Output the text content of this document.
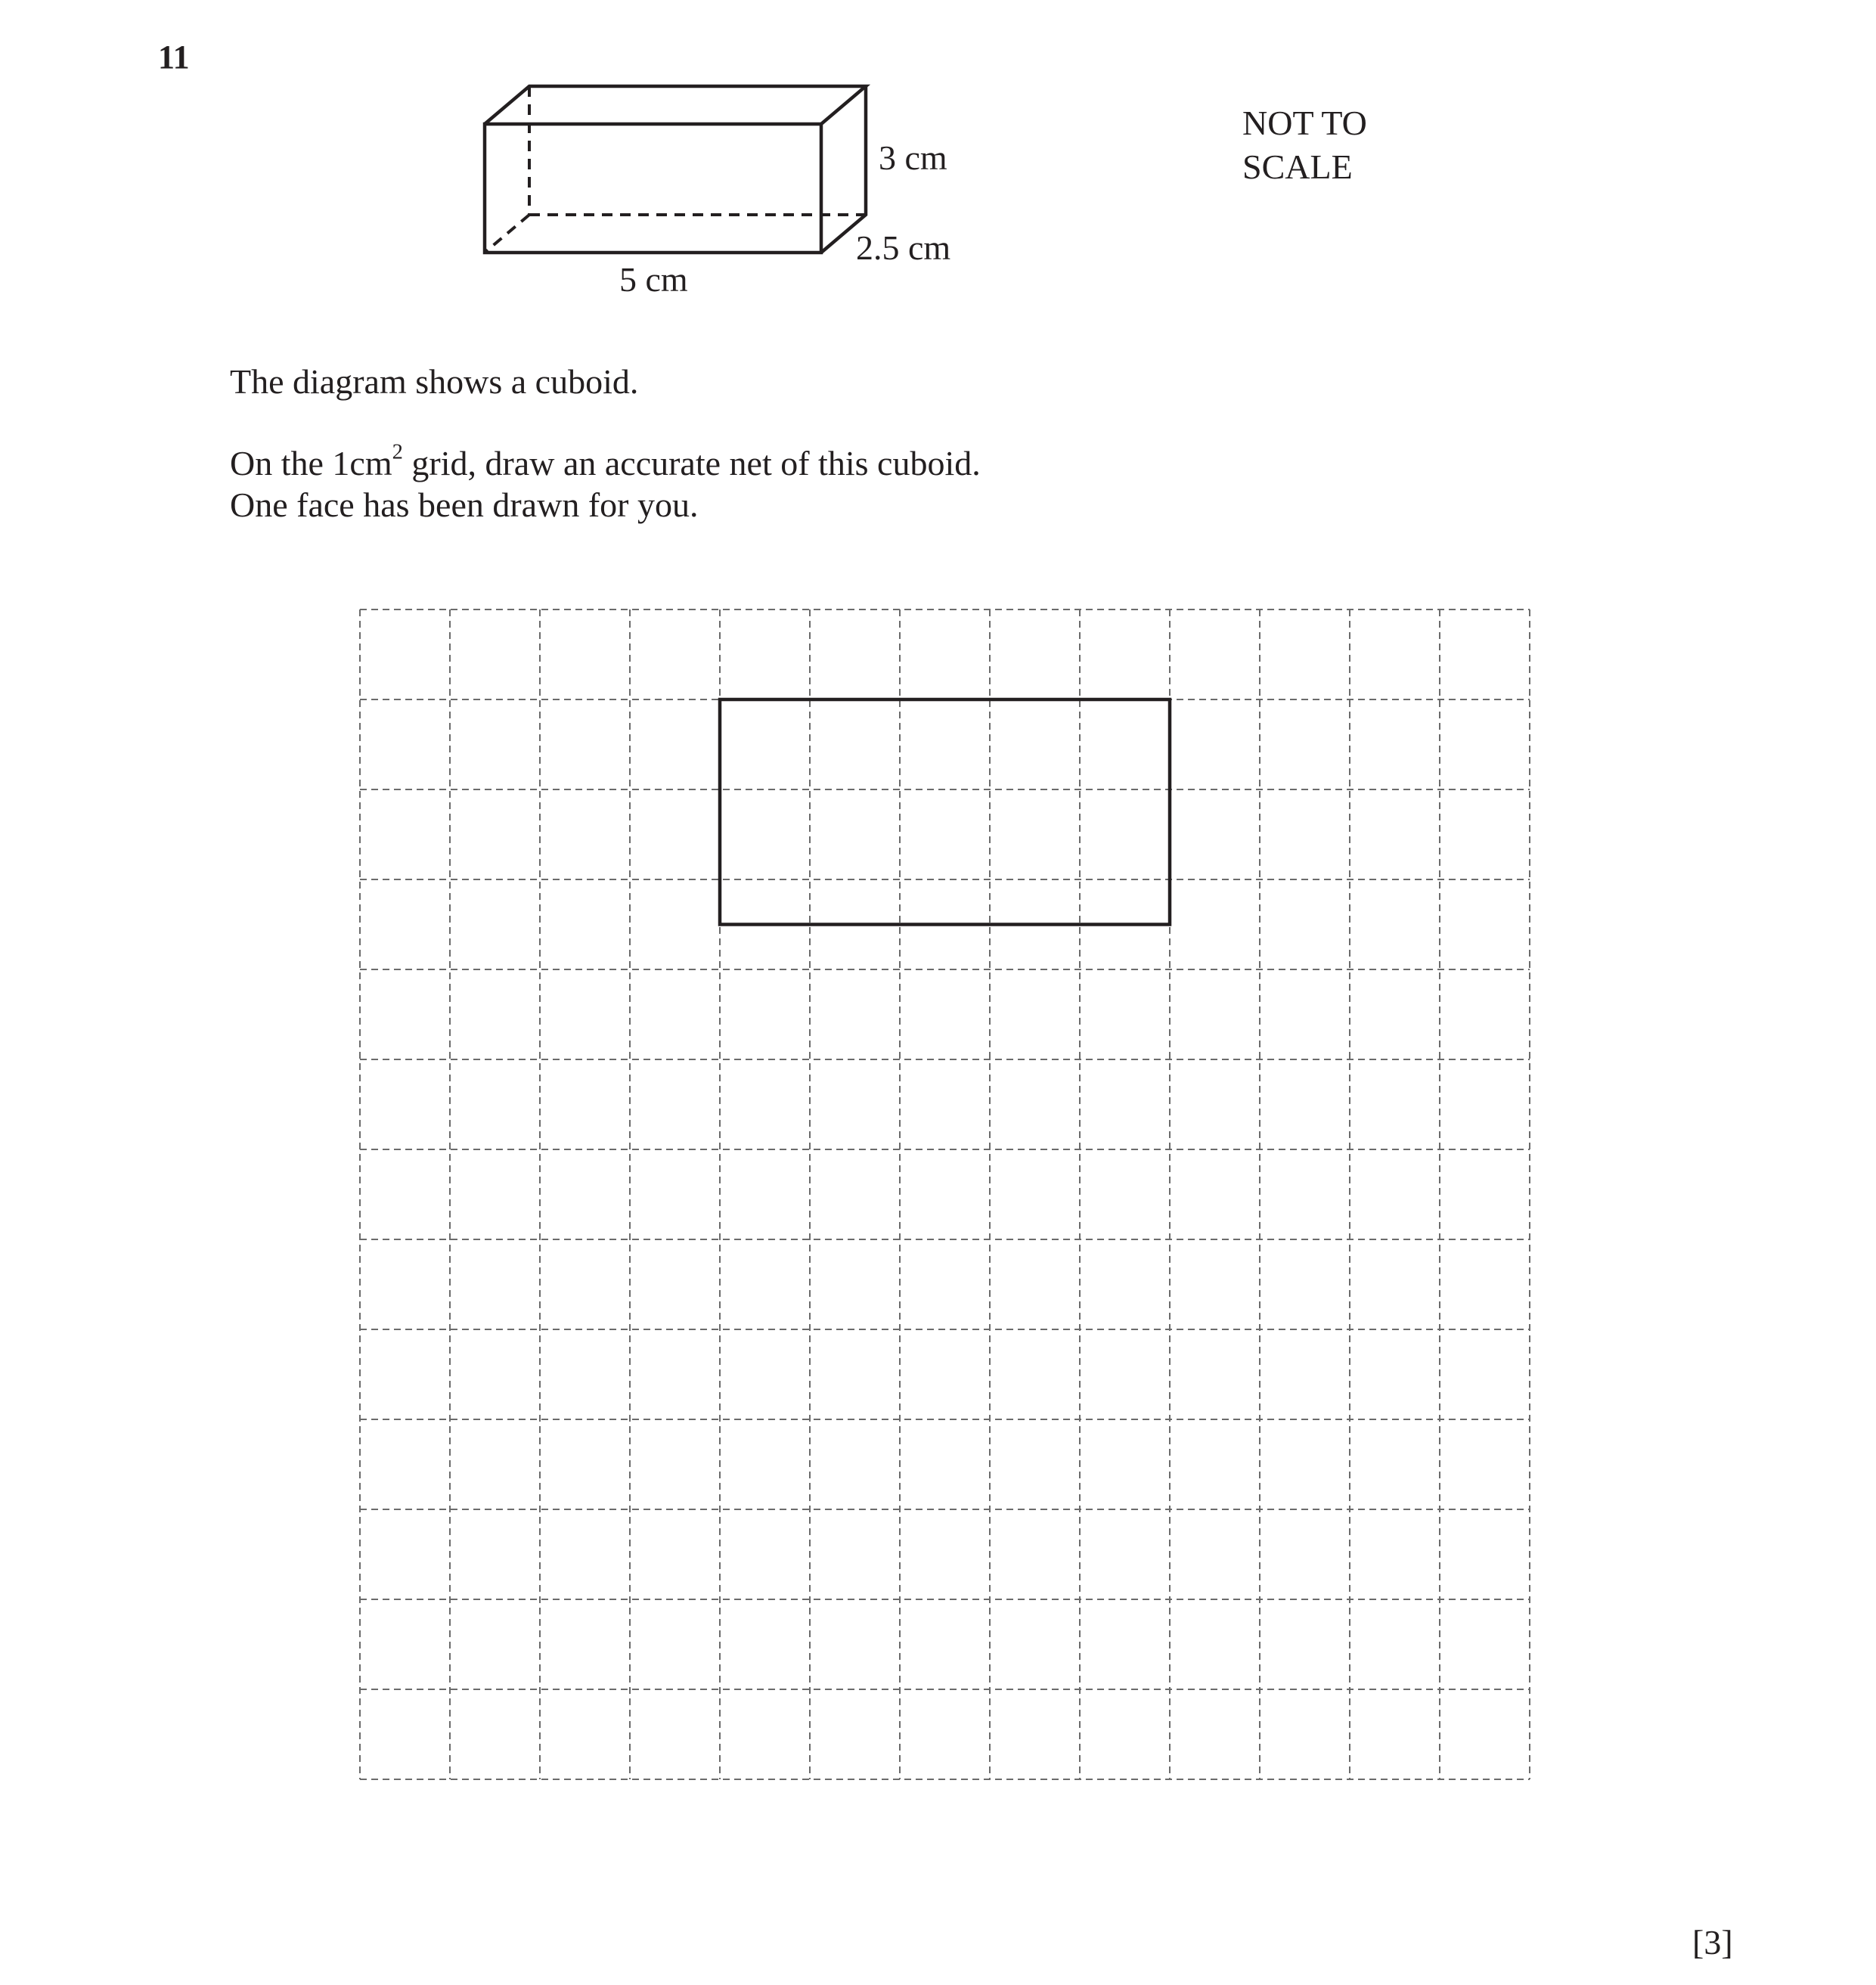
11
3 cm
2.5 cm
5 cm
NOT TO
SCALE
The diagram shows a cuboid.
On the $1cm^2$ grid, draw an accurate net of this cuboid.
One face has been drawn for you.
[3]
